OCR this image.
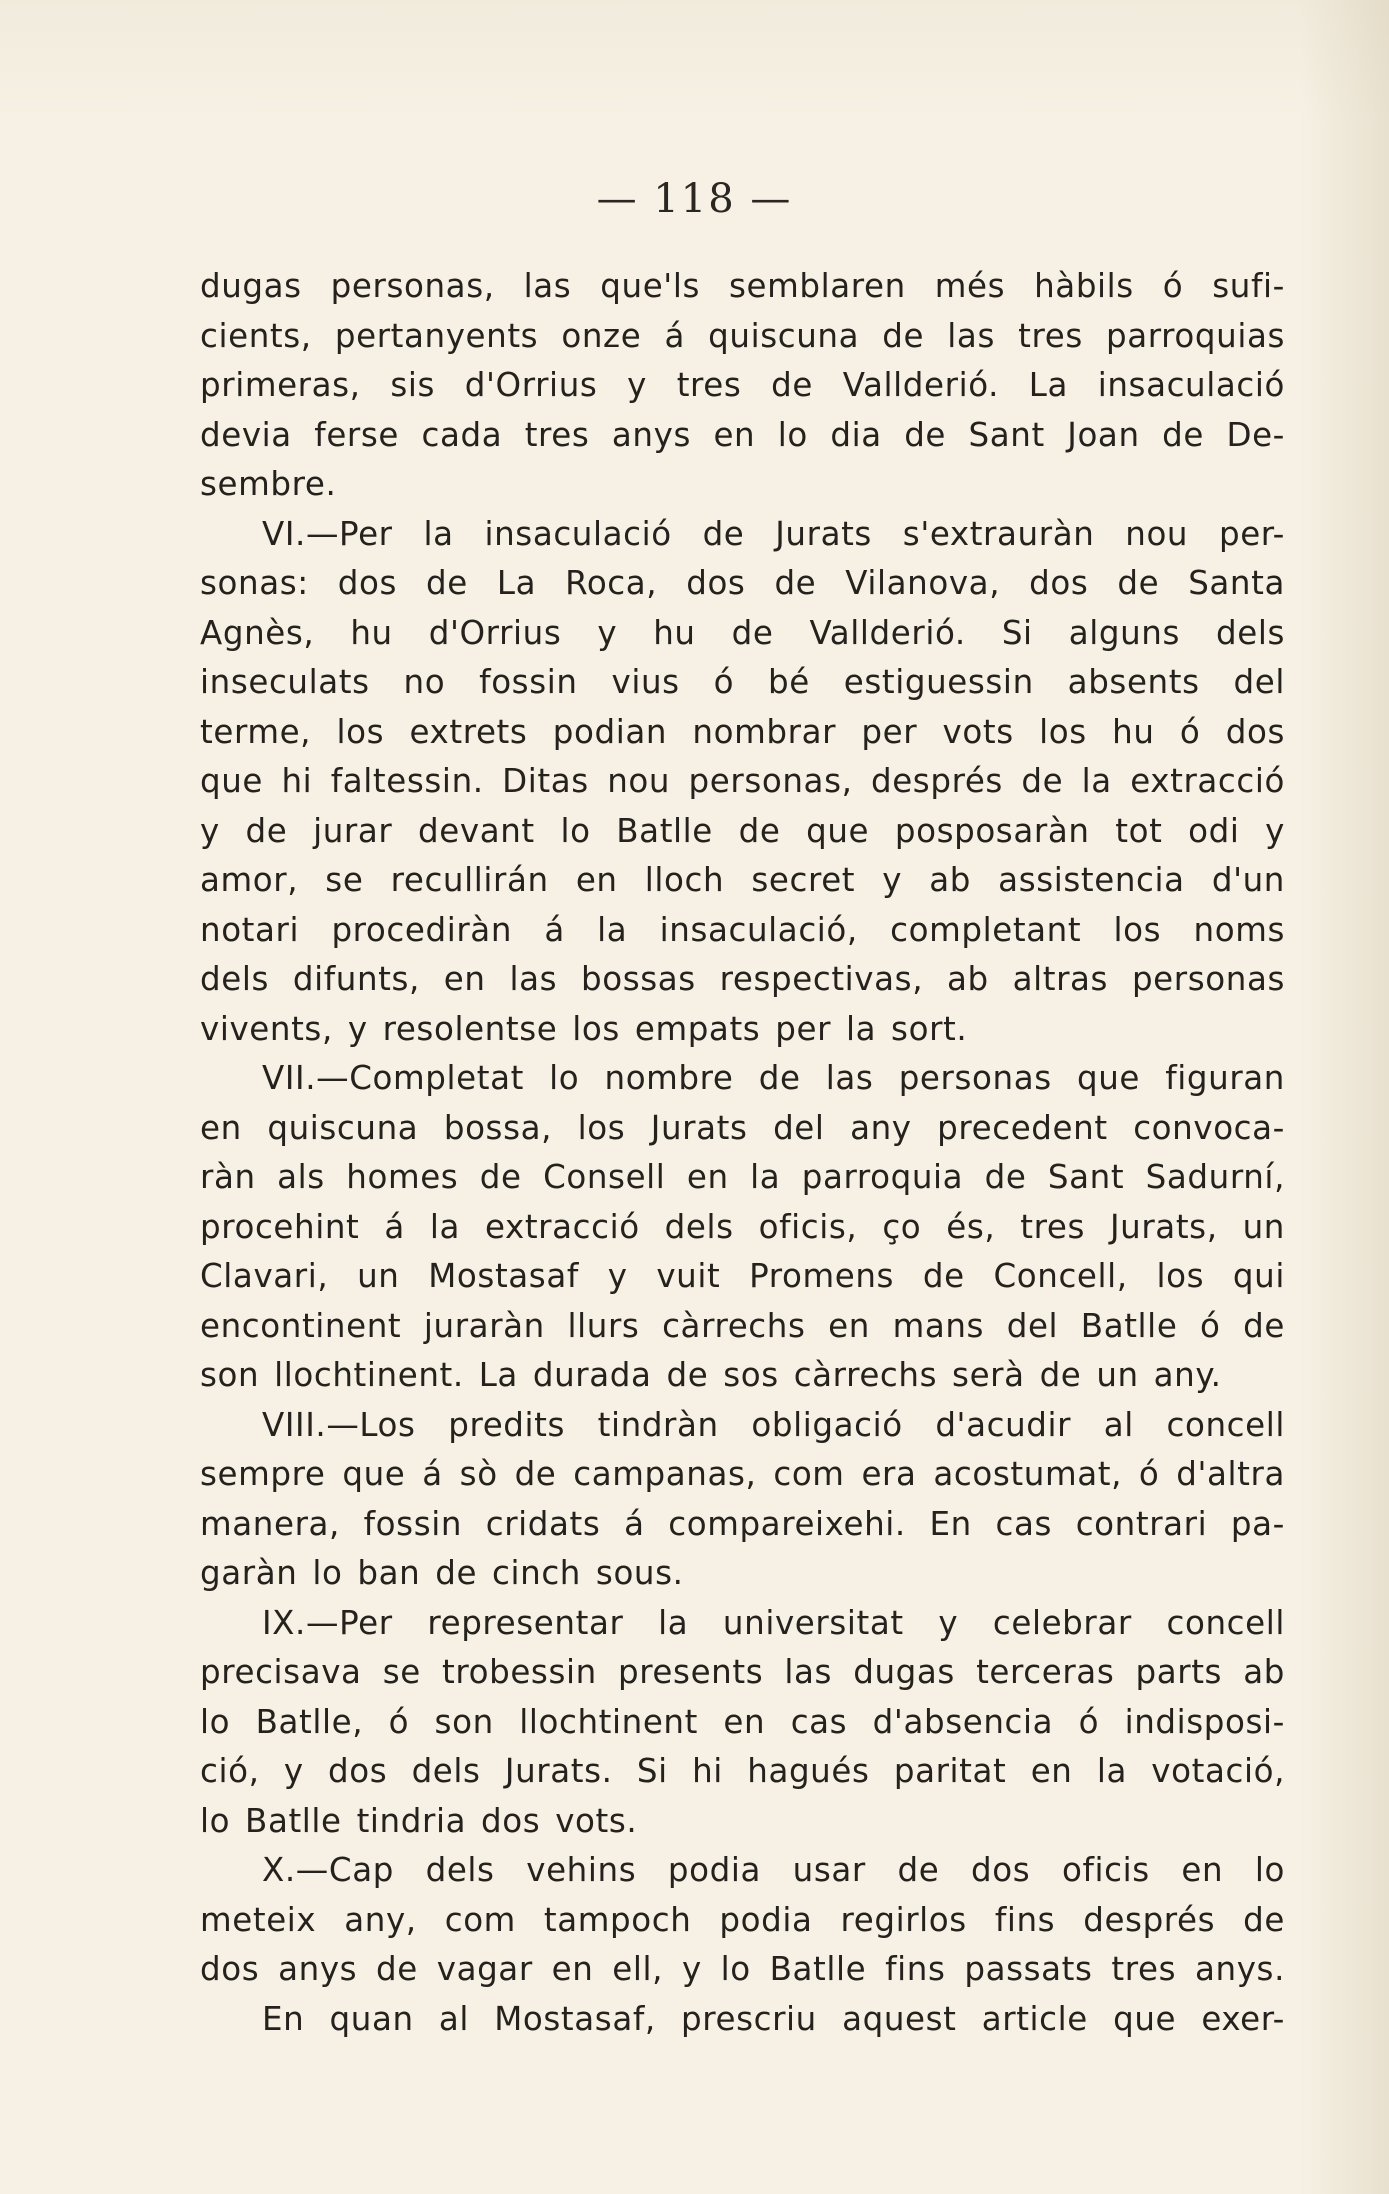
— 118 —

dugas personas, las que'ls semblaren més hàbils ó sufi-
cients, pertanyents onze á quiscuna de las tres parroquias
primeras, sis d'Orrius y tres de Vallderió. La insaculació
devia ferse cada tres anys en lo dia de Sant Joan de De-
sembre.
VI.—Per la insaculació de Jurats s'extrauràn nou per-
sonas: dos de La Roca, dos de Vilanova, dos de Santa
Agnès, hu d'Orrius y hu de Vallderió. Si alguns dels
inseculats no fossin vius ó bé estiguessin absents del
terme, los extrets podian nombrar per vots los hu ó dos
que hi faltessin. Ditas nou personas, després de la extracció
y de jurar devant lo Batlle de que posposaràn tot odi y
amor, se recullirán en lloch secret y ab assistencia d'un
notari procediràn á la insaculació, completant los noms
dels difunts, en las bossas respectivas, ab altras personas
vivents, y resolentse los empats per la sort.
VII.—Completat lo nombre de las personas que figuran
en quiscuna bossa, los Jurats del any precedent convoca-
ràn als homes de Consell en la parroquia de Sant Sadurní,
procehint á la extracció dels oficis, ço és, tres Jurats, un
Clavari, un Mostasaf y vuit Promens de Concell, los qui
encontinent juraràn llurs càrrechs en mans del Batlle ó de
son llochtinent. La durada de sos càrrechs serà de un any.
VIII.—Los predits tindràn obligació d'acudir al concell
sempre que á sò de campanas, com era acostumat, ó d'altra
manera, fossin cridats á compareixehi. En cas contrari pa-
garàn lo ban de cinch sous.
IX.—Per representar la universitat y celebrar concell
precisava se trobessin presents las dugas terceras parts ab
lo Batlle, ó son llochtinent en cas d'absencia ó indisposi-
ció, y dos dels Jurats. Si hi hagués paritat en la votació,
lo Batlle tindria dos vots.
X.—Cap dels vehins podia usar de dos oficis en lo
meteix any, com tampoch podia regirlos fins després de
dos anys de vagar en ell, y lo Batlle fins passats tres anys.
En quan al Mostasaf, prescriu aquest article que exer-
